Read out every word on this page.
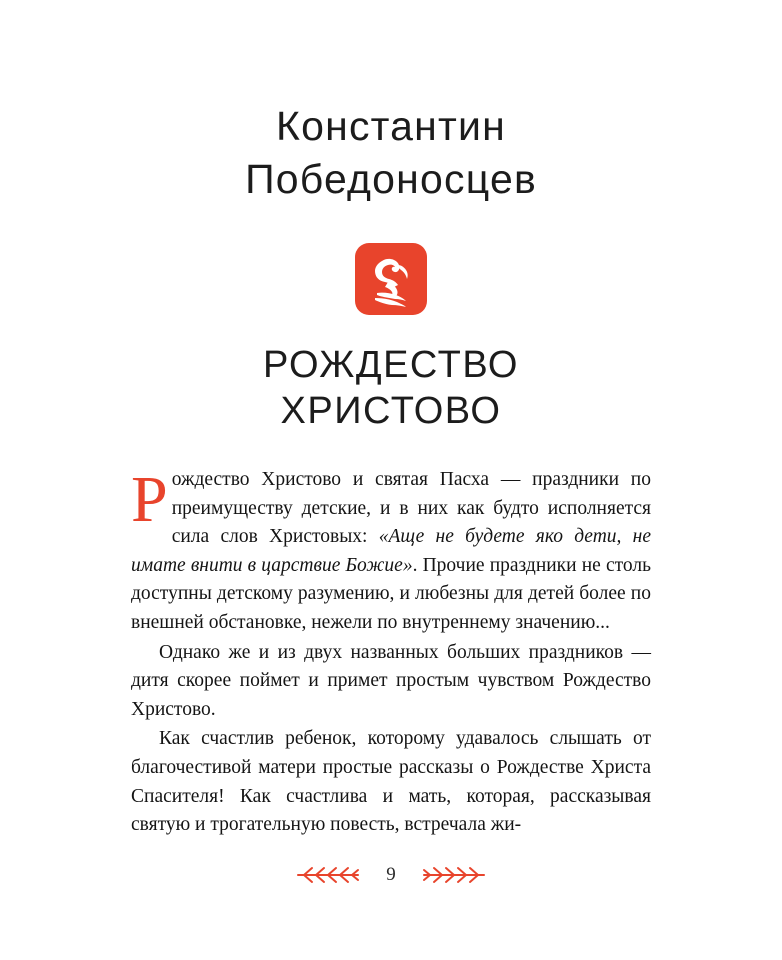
Константин
Победоносцев
РОЖДЕСТВО
ХРИСТОВО

Рождество Христово и святая Пасха — праздники по преимуществу детские, и в них как будто исполняется сила слов Христовых: «Аще не будете яко дети, не имате внити в царствие Божие». Прочие праздники не столь доступны детскому разумению, и любезны для детей более по внешней обстановке, нежели по внутреннему значению...

Однако же и из двух названных больших праздников — дитя скорее поймет и примет простым чувством Рождество Христово.

Как счастлив ребенок, которому удавалось слышать от благочестивой матери простые рассказы о Рождестве Христа Спасителя! Как счастлива и мать, которая, рассказывая святую и трогательную повесть, встречала жи-

9
